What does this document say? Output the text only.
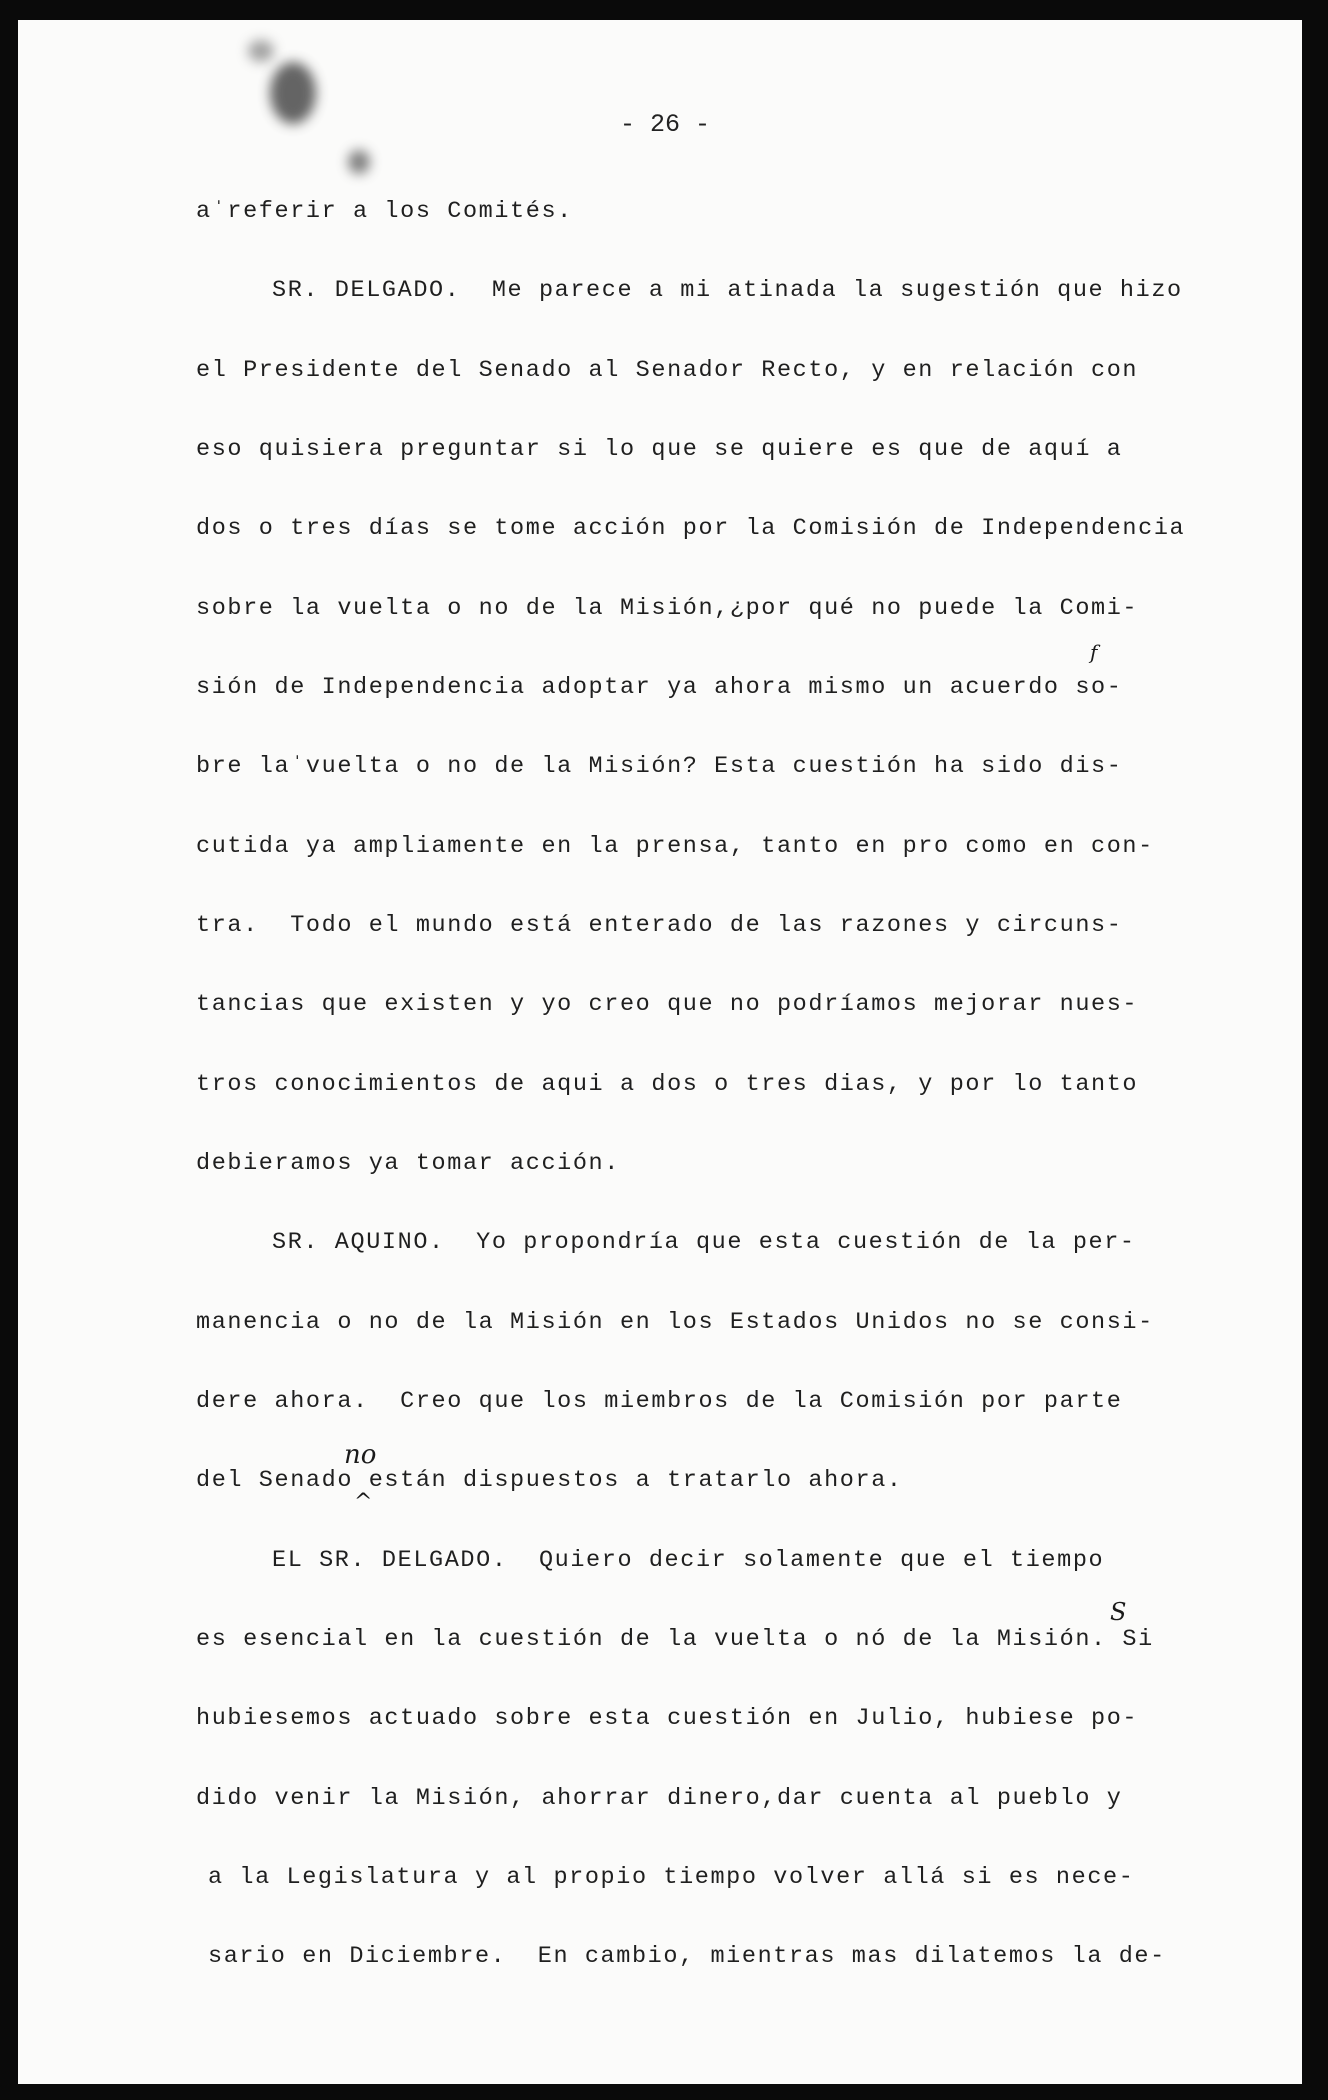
- 26 -
aˈreferir a los Comités.
SR. DELGADO.  Me parece a mi atinada la sugestión que hizo
el Presidente del Senado al Senador Recto, y en relación con
eso quisiera preguntar si lo que se quiere es que de aquí a
dos o tres días se tome acción por la Comisión de Independencia
sobre la vuelta o no de la Misión,¿por qué no puede la Comi-
sión de Independencia adoptar ya ahora mismo un acuerdo so-
bre laˈvuelta o no de la Misión? Esta cuestión ha sido dis-
cutida ya ampliamente en la prensa, tanto en pro como en con-
tra.  Todo el mundo está enterado de las razones y circuns-
tancias que existen y yo creo que no podríamos mejorar nues-
tros conocimientos de aqui a dos o tres dias, y por lo tanto
debieramos ya tomar acción.
SR. AQUINO.  Yo propondría que esta cuestión de la per-
manencia o no de la Misión en los Estados Unidos no se consi-
dere ahora.  Creo que los miembros de la Comisión por parte
del Senado están dispuestos a tratarlo ahora.
EL SR. DELGADO.  Quiero decir solamente que el tiempo
es esencial en la cuestión de la vuelta o nó de la Misión. Si
hubiesemos actuado sobre esta cuestión en Julio, hubiese po-
dido venir la Misión, ahorrar dinero,dar cuenta al pueblo y
a la Legislatura y al propio tiempo volver allá si es nece-
sario en Diciembre.  En cambio, mientras mas dilatemos la de-
no
^
f
S
